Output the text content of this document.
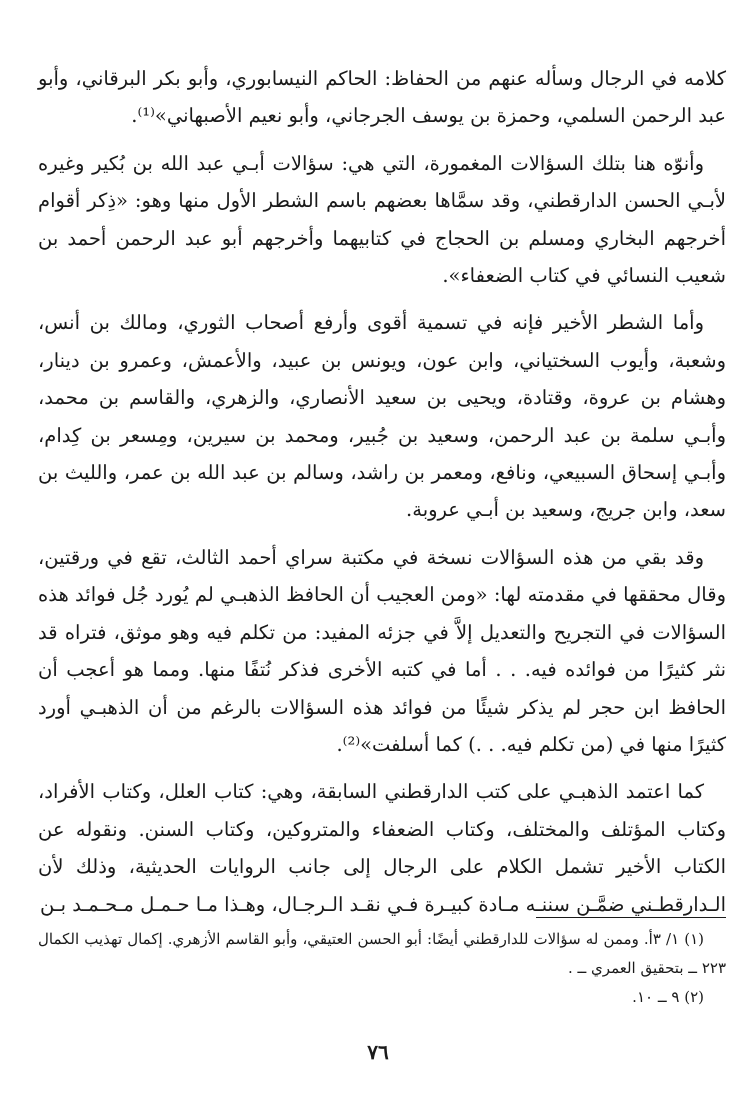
كلامه في الرجال وسأله عنهم من الحفاظ: الحاكم النيسابوري، وأبو بكر البرقاني، وأبو عبد الرحمن السلمي، وحمزة بن يوسف الجرجاني، وأبو نعيم الأصبهاني»⁽¹⁾.

وأنوّه هنا بتلك السؤالات المغمورة، التي هي: سؤالات أبـي عبد الله بن بُكير وغيره لأبـي الحسن الدارقطني، وقد سمَّاها بعضهم باسم الشطر الأول منها وهو: «ذِكر أقوام أخرجهم البخاري ومسلم بن الحجاج في كتابيهما وأخرجهم أبو عبد الرحمن أحمد بن شعيب النسائي في كتاب الضعفاء».

وأما الشطر الأخير فإنه في تسمية أقوى وأرفع أصحاب الثوري، ومالك بن أنس، وشعبة، وأيوب السختياني، وابن عون، ويونس بن عبيد، والأعمش، وعمرو بن دينار، وهشام بن عروة، وقتادة، ويحيى بن سعيد الأنصاري، والزهري، والقاسم بن محمد، وأبـي سلمة بن عبد الرحمن، وسعيد بن جُبير، ومحمد بن سيرين، ومِسعر بن كِدام، وأبـي إسحاق السبيعي، ونافع، ومعمر بن راشد، وسالم بن عبد الله بن عمر، والليث بن سعد، وابن جريج، وسعيد بن أبـي عروبة.

وقد بقي من هذه السؤالات نسخة في مكتبة سراي أحمد الثالث، تقع في ورقتين، وقال محققها في مقدمته لها: «ومن العجيب أن الحافظ الذهبـي لم يُورد جُل فوائد هذه السؤالات في التجريح والتعديل إلاَّ في جزئه المفيد: من تكلم فيه وهو موثق، فتراه قد نثر كثيرًا من فوائده فيه. . . أما في كتبه الأخرى فذكر نُتفًا منها. ومما هو أعجب أن الحافظ ابن حجر لم يذكر شيئًا من فوائد هذه السؤالات بالرغم من أن الذهبـي أورد كثيرًا منها في (من تكلم فيه. . .) كما أسلفت»⁽²⁾.

كما اعتمد الذهبـي على كتب الدارقطني السابقة، وهي: كتاب العلل، وكتاب الأفراد، وكتاب المؤتلف والمختلف، وكتاب الضعفاء والمتروكين، وكتاب السنن. ونقوله عن الكتاب الأخير تشمل الكلام على الرجال إلى جانب الروايات الحديثية، وذلك لأن الـدارقطـني ضمَّـن سننـه مـادة كبيـرة فـي نقـد الـرجـال، وهـذا مـا حـمـل مـحـمـد بـن

(١) ١/ ٣أ. وممن له سؤالات للدارقطني أيضًا: أبو الحسن العتيقي، وأبو القاسم الأزهري. إكمال تهذيب الكمال ٢٢٣ ــ بتحقيق العمري ــ .

(٢) ٩ ــ ١٠.

٧٦
